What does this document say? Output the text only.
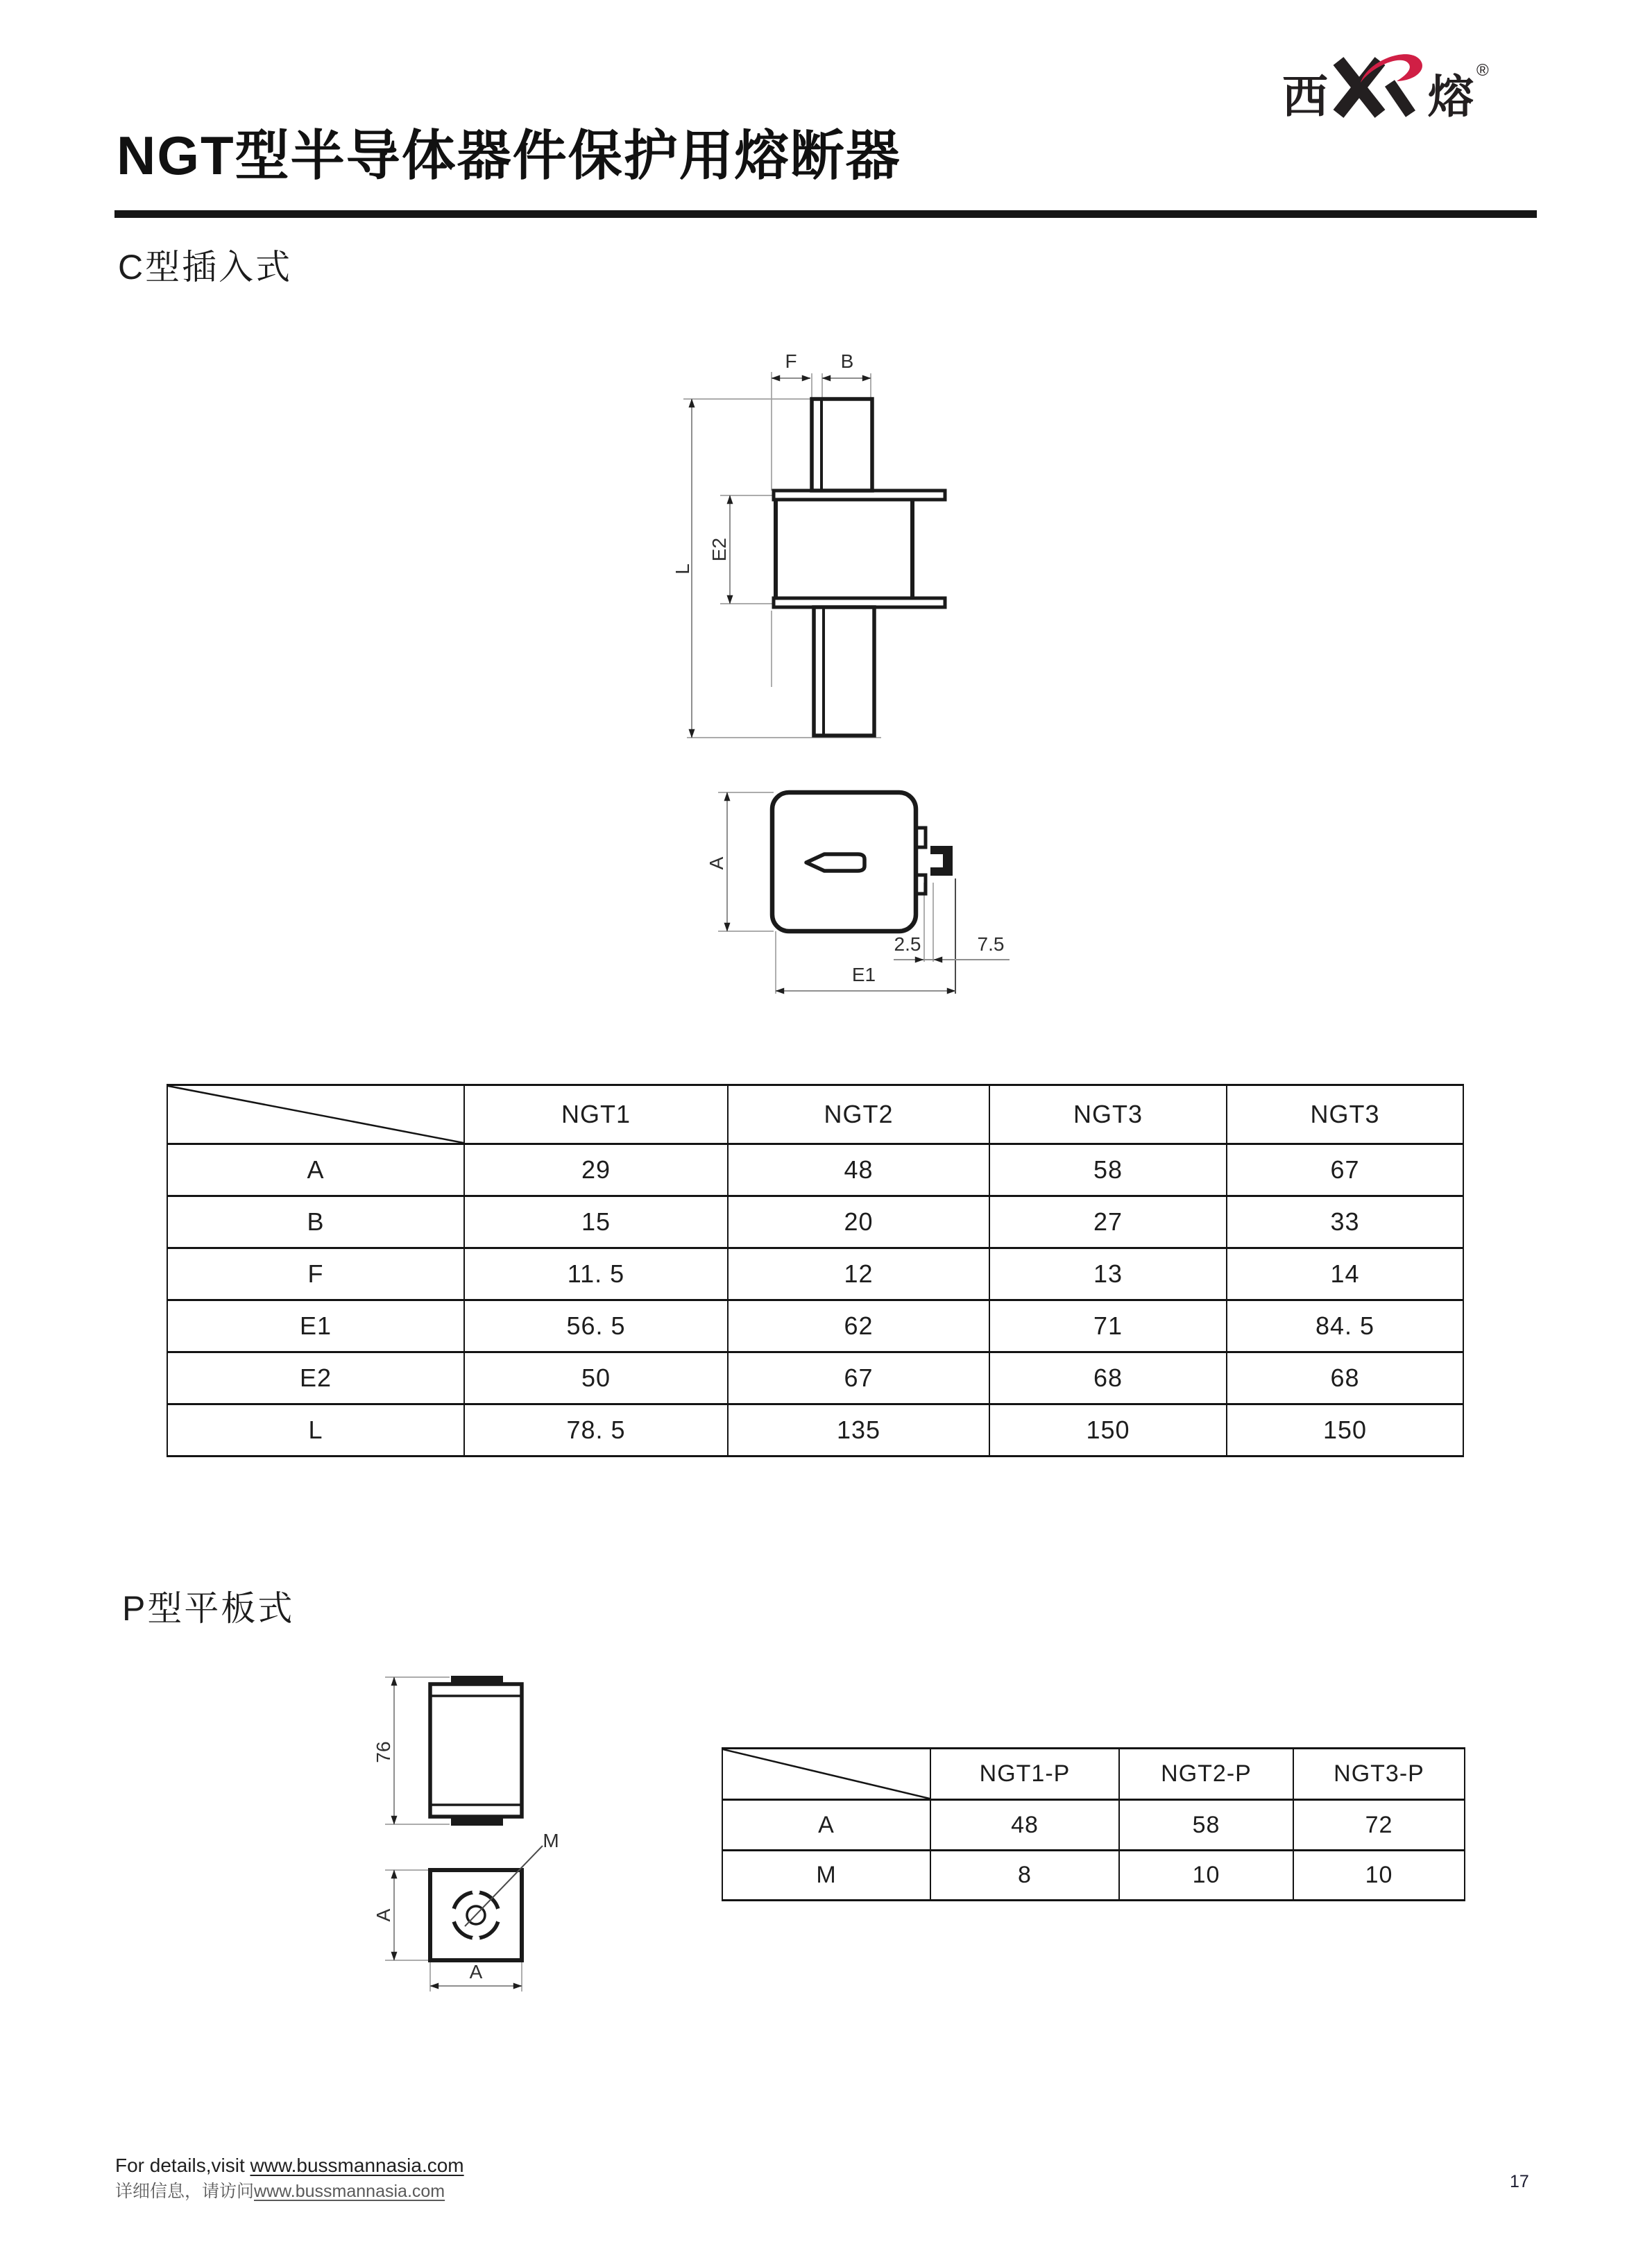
西 熔
®
NGT型半导体器件保护用熔断器
C型插入式
F B
L
E2
A
2.5	7.5
E1
	NGT1	NGT2	NGT3	NGT3
A	29	48	58	67
B	15	20	27	33
F	11. 5	12	13	14
E1	56. 5	62	71	84. 5
E2	50	67	68	68
L	78. 5	135	150	150
P型平板式
76
A
M
A
	NGT1-P	NGT2-P	NGT3-P
A	48	58	72
M	8	10	10
For details,visit www.bussmannasia.com
详细信息，请访问www.bussmannasia.com
17
